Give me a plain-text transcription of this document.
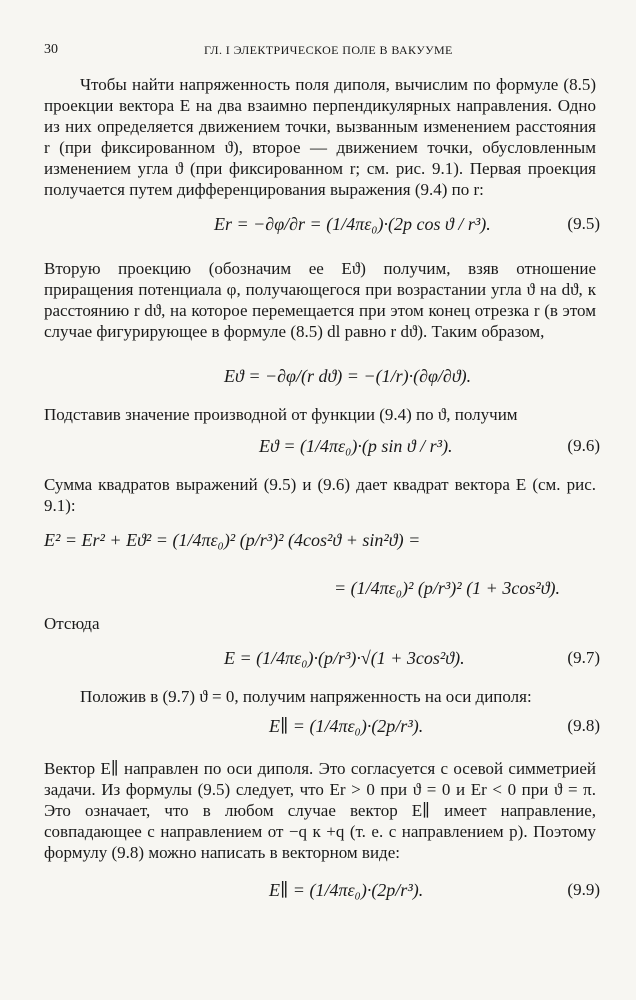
30	ГЛ. I ЭЛЕКТРИЧЕСКОЕ ПОЛЕ В ВАКУУМЕ

Чтобы найти напряженность поля диполя, вычислим по формуле (8.5) проекции вектора E на два взаимно перпендикулярных направления. Одно из них определяется движением точки, вызванным изменением расстояния r (при фиксированном ϑ), второе — движением точки, обусловленным изменением угла ϑ (при фиксированном r; см. рис. 9.1). Первая проекция получается путем дифференцирования выражения (9.4) по r:

Er = −∂φ/∂r = (1/4πε₀)·(2p cos ϑ / r³).	(9.5)

Вторую проекцию (обозначим ее Eϑ) получим, взяв отношение приращения потенциала φ, получающегося при возрастании угла ϑ на dϑ, к расстоянию r dϑ, на которое перемещается при этом конец отрезка r (в этом случае фигурирующее в формуле (8.5) dl равно r dϑ). Таким образом,

Eϑ = −∂φ/(r dϑ) = −(1/r)·(∂φ/∂ϑ).

Подставив значение производной от функции (9.4) по ϑ, получим

Eϑ = (1/4πε₀)·(p sin ϑ / r³).	(9.6)

Сумма квадратов выражений (9.5) и (9.6) дает квадрат вектора E (см. рис. 9.1):

E² = Er² + Eϑ² = (1/4πε₀)² (p/r³)² (4cos²ϑ + sin²ϑ) =
= (1/4πε₀)² (p/r³)² (1 + 3cos²ϑ).
Отсюда
E = (1/4πε₀)·(p/r³)·√(1 + 3cos²ϑ).	(9.7)

Положив в (9.7) ϑ = 0, получим напряженность на оси диполя:

E∥ = (1/4πε₀)·(2p/r³).	(9.8)

Вектор E∥ направлен по оси диполя. Это согласуется с осевой симметрией задачи. Из формулы (9.5) следует, что Er > 0 при ϑ = 0 и Er < 0 при ϑ = π. Это означает, что в любом случае вектор E∥ имеет направление, совпадающее с направлением от −q к +q (т. е. с направлением p). Поэтому формулу (9.8) можно написать в векторном виде:

E∥ = (1/4πε₀)·(2p/r³).	(9.9)
